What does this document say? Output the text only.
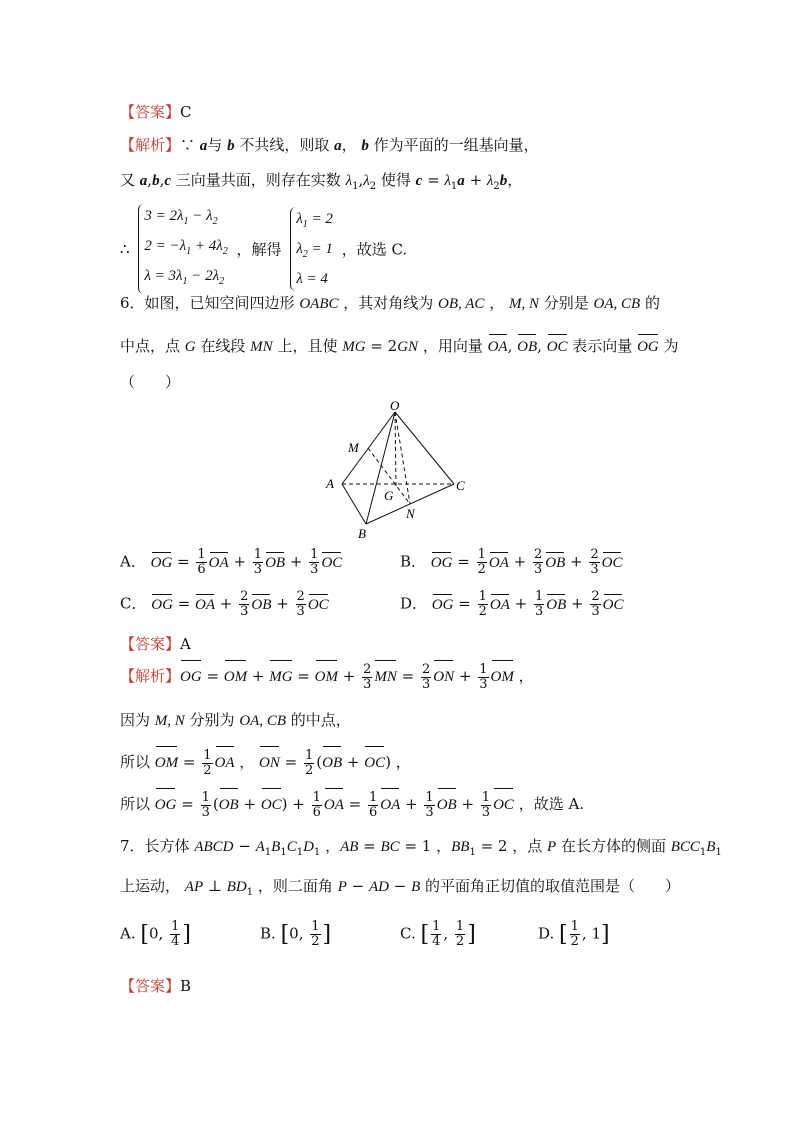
【答案】C
【解析】∵ a与 b 不共线，则取 a， b 作为平面的一组基向量，
又 a,b,c 三向量共面，则存在实数 $\lambda_1,\lambda_2$ 使得 $c = \lambda_1a + \lambda_2b$，
∴
$3 = 2\lambda_1 - \lambda_2$
$2 = -\lambda_1 + 4\lambda_2$
$\lambda = 3\lambda_1 - 2\lambda_2$
，解得
$\lambda_1 = 2$
$\lambda_2 = 1$
λ = 4
，故选 C.
6．如图，已知空间四边形 OABC ，其对角线为 OB, AC ， M, N 分别是 OA, CB 的
中点，点 G 在线段 MN 上，且使 MG = 2GN ，用向量 OA, OB, OC 表示向量 OG 为
（　　）
O
M
A
G
C
N
B
A． OG = $\frac{1}{6}$ OA + $\frac{1}{3}$ OB + $\frac{1}{3}$ OC	B． OG = $\frac{1}{2}$ OA + $\frac{2}{3}$ OB + $\frac{2}{3}$ OC
C． OG = OA + $\frac{2}{3}$ OB + $\frac{2}{3}$ OC	D． OG = $\frac{1}{2}$ OA + $\frac{1}{3}$ OB + $\frac{2}{3}$ OC
【答案】A
【解析】OG = OM + MG = OM + $\frac{2}{3}$ MN = $\frac{2}{3}$ ON + $\frac{1}{3}$ OM ，
因为 M, N 分别为 OA, CB 的中点，
所以 OM = $\frac{1}{2}$ OA ， ON = $\frac{1}{2} (OB + OC)$ ，
所以 OG = $\frac{1}{3} (OB + OC) + \frac{1}{6}$ OA = $\frac{1}{6}$ OA + $\frac{1}{3}$ OB + $\frac{1}{3}$ OC ，故选 A.
7．长方体 ABCD − $A_1B_1C_1D_1$ ，AB = BC = 1 ，$BB_1 = 2$ ，点 P 在长方体的侧面 $BCC_1B_1$
上运动， AP ⊥ $BD_1$ ，则二面角 P − AD − B 的平面角正切值的取值范围是（　　）
A. [0, $\frac{1}{4}$ ]	B. [0, $\frac{1}{2}$ ]	C. [ $\frac{1}{4}$ , $\frac{1}{2}$ ]	D. [ $\frac{1}{2}$ , 1]
【答案】B
